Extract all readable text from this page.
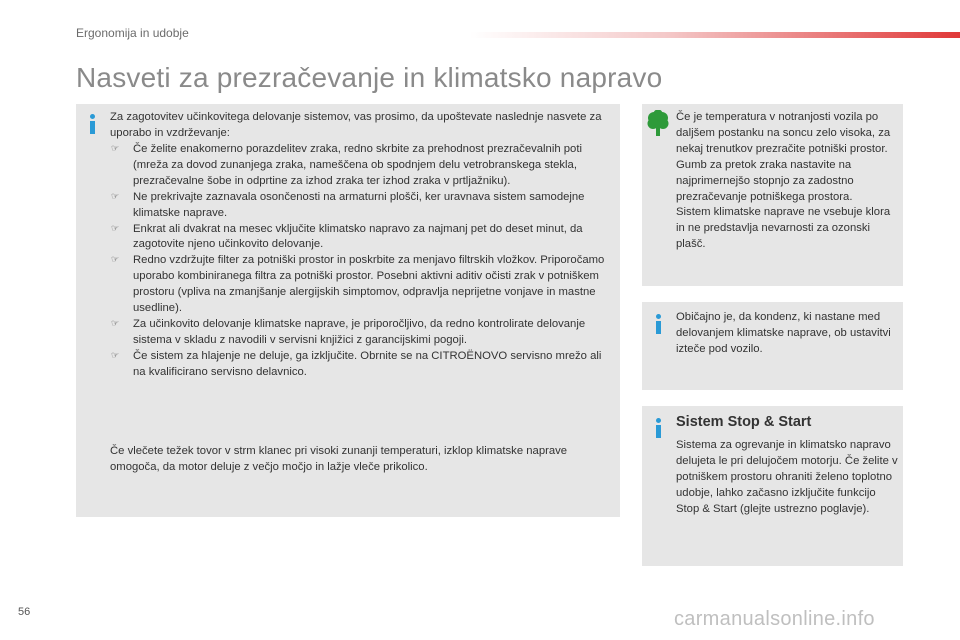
Ergonomija in udobje
Nasveti za prezračevanje in klimatsko napravo

Za zagotovitev učinkovitega delovanje sistemov, vas prosimo, da upoštevate naslednje nasvete za uporabo in vzdrževanje:

☞ Če želite enakomerno porazdelitev zraka, redno skrbite za prehodnost prezračevalnih poti (mreža za dovod zunanjega zraka, nameščena ob spodnjem delu vetrobranskega stekla, prezračevalne šobe in odprtine za izhod zraka ter izhod zraka v prtljažniku).
☞ Ne prekrivajte zaznavala osončenosti na armaturni plošči, ker uravnava sistem samodejne klimatske naprave.
☞ Enkrat ali dvakrat na mesec vključite klimatsko napravo za najmanj pet do deset minut, da zagotovite njeno učinkovito delovanje.
☞ Redno vzdržujte filter za potniški prostor in poskrbite za menjavo filtrskih vložkov. Priporočamo uporabo kombiniranega filtra za potniški prostor. Posebni aktivni aditiv očisti zrak v potniškem prostoru (vpliva na zmanjšanje alergijskih simptomov, odpravlja neprijetne vonjave in mastne usedline).
☞ Za učinkovito delovanje klimatske naprave, je priporočljivo, da redno kontrolirate delovanje sistema v skladu z navodili v servisni knjižici z garancijskimi pogoji.
☞ Če sistem za hlajenje ne deluje, ga izključite. Obrnite se na CITROËNOVO servisno mrežo ali na kvalificirano servisno delavnico.

Če vlečete težek tovor v strm klanec pri visoki zunanji temperaturi, izklop klimatske naprave omogoča, da motor deluje z večjo močjo in lažje vleče prikolico.

Če je temperatura v notranjosti vozila po daljšem postanku na soncu zelo visoka, za nekaj trenutkov prezračite potniški prostor.

Gumb za pretok zraka nastavite na najprimernejšo stopnjo za zadostno prezračevanje potniškega prostora.

Sistem klimatske naprave ne vsebuje klora in ne predstavlja nevarnosti za ozonski plašč.

Običajno je, da kondenz, ki nastane med delovanjem klimatske naprave, ob ustavitvi izteče pod vozilo.

Sistem Stop & Start

Sistema za ogrevanje in klimatsko napravo delujeta le pri delujočem motorju. Če želite v potniškem prostoru ohraniti želeno toplotno udobje, lahko začasno izključite funkcijo Stop & Start (glejte ustrezno poglavje).

56	carmanualsonline.info
